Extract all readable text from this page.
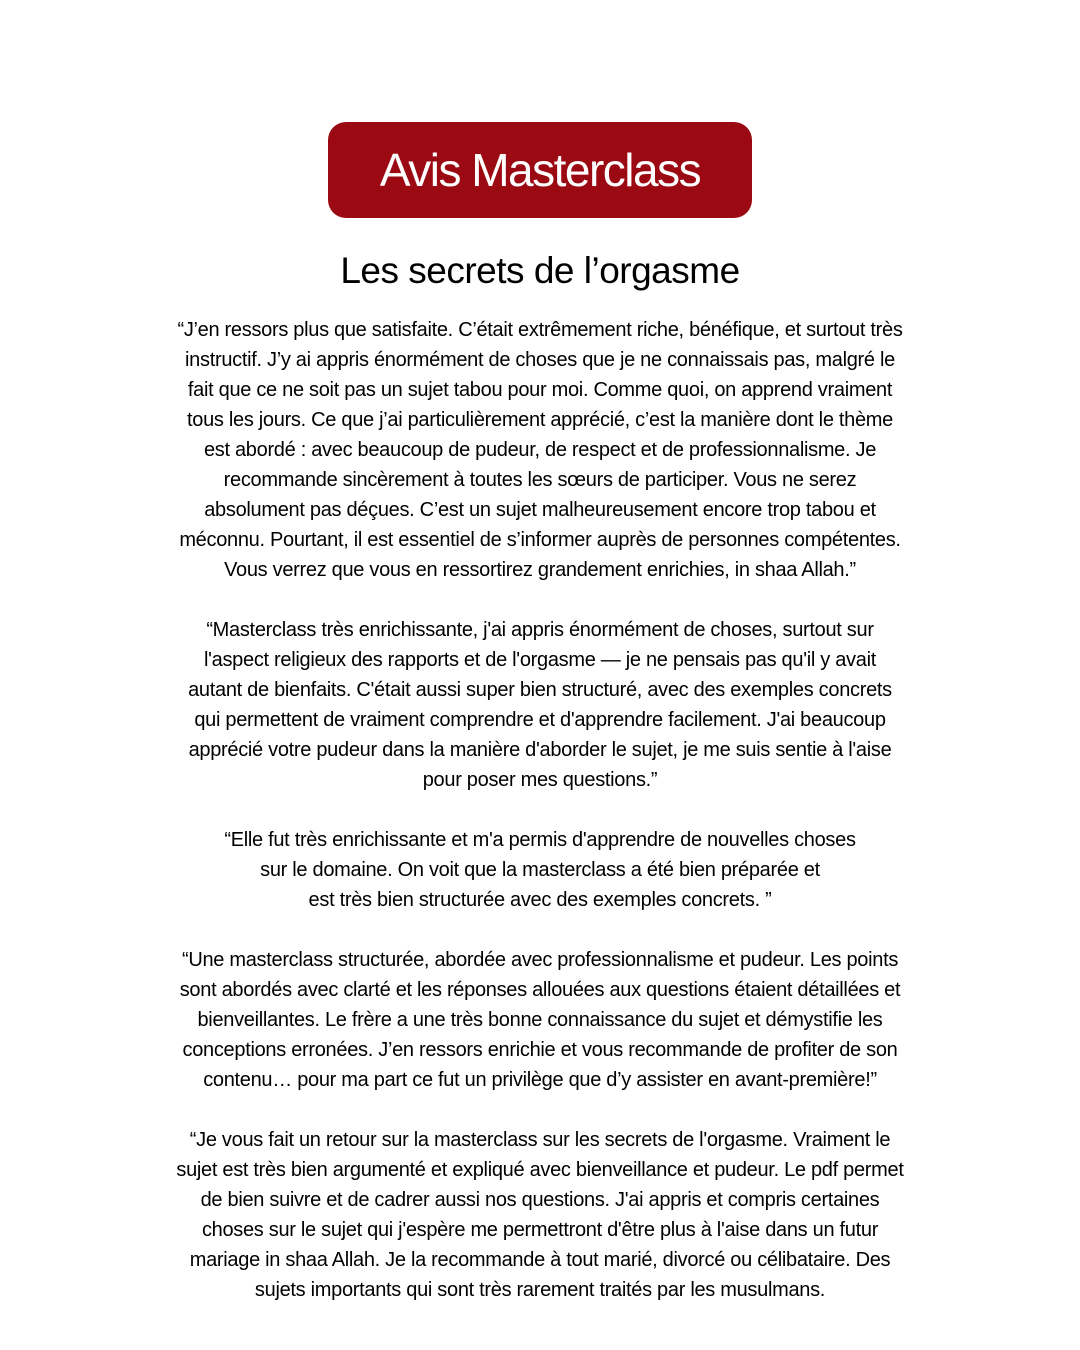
Avis Masterclass
Les secrets de l’orgasme
“J’en ressors plus que satisfaite. C’était extrêmement riche, bénéfique, et surtout très
instructif. J’y ai appris énormément de choses que je ne connaissais pas, malgré le
fait que ce ne soit pas un sujet tabou pour moi. Comme quoi, on apprend vraiment
tous les jours. Ce que j’ai particulièrement apprécié, c’est la manière dont le thème
est abordé : avec beaucoup de pudeur, de respect et de professionnalisme. Je
recommande sincèrement à toutes les sœurs de participer. Vous ne serez
absolument pas déçues. C’est un sujet malheureusement encore trop tabou et
méconnu. Pourtant, il est essentiel de s’informer auprès de personnes compétentes.
Vous verrez que vous en ressortirez grandement enrichies, in shaa Allah.”
“Masterclass très enrichissante, j'ai appris énormément de choses, surtout sur
l'aspect religieux des rapports et de l'orgasme — je ne pensais pas qu'il y avait
autant de bienfaits. C'était aussi super bien structuré, avec des exemples concrets
qui permettent de vraiment comprendre et d'apprendre facilement. J'ai beaucoup
apprécié votre pudeur dans la manière d'aborder le sujet, je me suis sentie à l'aise
pour poser mes questions.”
“Elle fut très enrichissante et m'a permis d'apprendre de nouvelles choses
sur le domaine. On voit que la masterclass a été bien préparée et
est très bien structurée avec des exemples concrets. ”
“Une masterclass structurée, abordée avec professionnalisme et pudeur. Les points
sont abordés avec clarté et les réponses allouées aux questions étaient détaillées et
bienveillantes. Le frère a une très bonne connaissance du sujet et démystifie les
conceptions erronées. J’en ressors enrichie et vous recommande de profiter de son
contenu… pour ma part ce fut un privilège que d’y assister en avant-première!”
“Je vous fait un retour sur la masterclass sur les secrets de l'orgasme. Vraiment le
sujet est très bien argumenté et expliqué avec bienveillance et pudeur. Le pdf permet
de bien suivre et de cadrer aussi nos questions. J'ai appris et compris certaines
choses sur le sujet qui j'espère me permettront d'être plus à l'aise dans un futur
mariage in shaa Allah. Je la recommande à tout marié, divorcé ou célibataire. Des
sujets importants qui sont très rarement traités par les musulmans.
